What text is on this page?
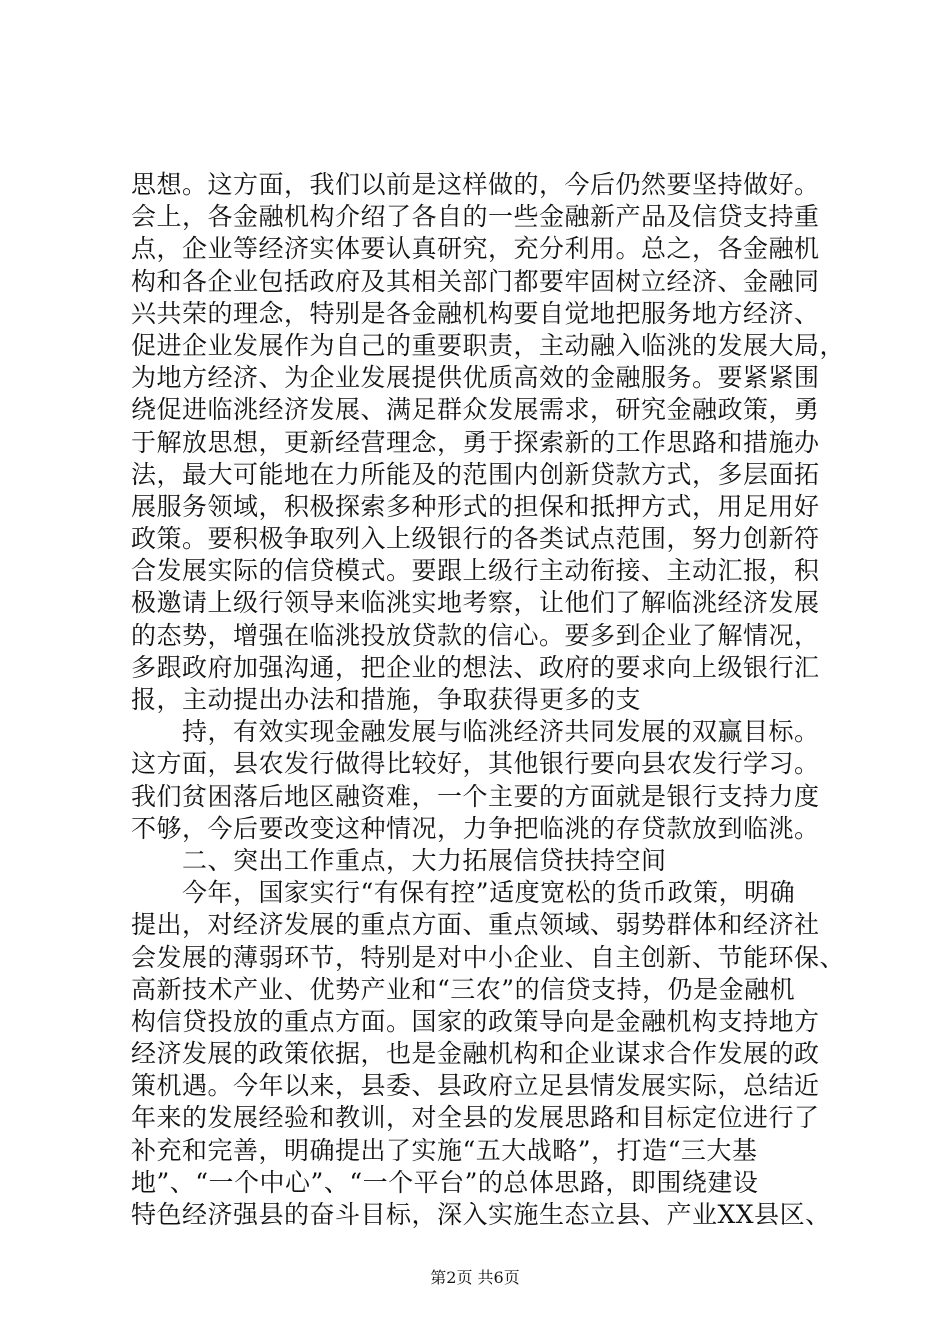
思想。这方面，我们以前是这样做的，今后仍然要坚持做好。
会上，各金融机构介绍了各自的一些金融新产品及信贷支持重
点，企业等经济实体要认真研究，充分利用。总之，各金融机
构和各企业包括政府及其相关部门都要牢固树立经济、金融同
兴共荣的理念，特别是各金融机构要自觉地把服务地方经济、
促进企业发展作为自己的重要职责，主动融入临洮的发展大局，
为地方经济、为企业发展提供优质高效的金融服务。要紧紧围
绕促进临洮经济发展、满足群众发展需求，研究金融政策，勇
于解放思想，更新经营理念，勇于探索新的工作思路和措施办
法，最大可能地在力所能及的范围内创新贷款方式，多层面拓
展服务领域，积极探索多种形式的担保和抵押方式，用足用好
政策。要积极争取列入上级银行的各类试点范围，努力创新符
合发展实际的信贷模式。要跟上级行主动衔接、主动汇报，积
极邀请上级行领导来临洮实地考察，让他们了解临洮经济发展
的态势，增强在临洮投放贷款的信心。要多到企业了解情况，
多跟政府加强沟通，把企业的想法、政府的要求向上级银行汇
报，主动提出办法和措施，争取获得更多的支
　　持，有效实现金融发展与临洮经济共同发展的双赢目标。
这方面，县农发行做得比较好，其他银行要向县农发行学习。
我们贫困落后地区融资难，一个主要的方面就是银行支持力度
不够，今后要改变这种情况，力争把临洮的存贷款放到临洮。
　　二、突出工作重点，大力拓展信贷扶持空间
　　今年，国家实行“有保有控”适度宽松的货币政策，明确
提出，对经济发展的重点方面、重点领域、弱势群体和经济社
会发展的薄弱环节，特别是对中小企业、自主创新、节能环保、
高新技术产业、优势产业和“三农”的信贷支持，仍是金融机
构信贷投放的重点方面。国家的政策导向是金融机构支持地方
经济发展的政策依据，也是金融机构和企业谋求合作发展的政
策机遇。今年以来，县委、县政府立足县情发展实际，总结近
年来的发展经验和教训，对全县的发展思路和目标定位进行了
补充和完善，明确提出了实施“五大战略”，打造“三大基
地”、“一个中心”、“一个平台”的总体思路，即围绕建设
特色经济强县的奋斗目标，深入实施生态立县、产业XX县区、
第2页 共6页
